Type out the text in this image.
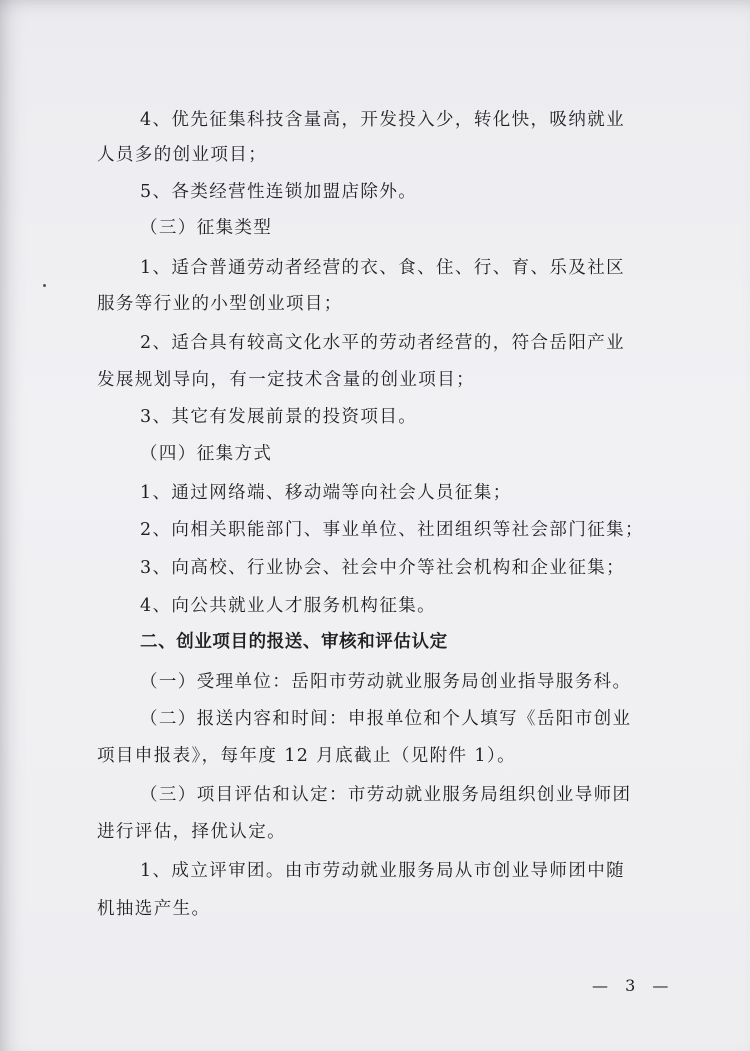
4、优先征集科技含量高，开发投入少，转化快，吸纳就业
人员多的创业项目；
5、各类经营性连锁加盟店除外。
（三）征集类型
1、适合普通劳动者经营的衣、食、住、行、育、乐及社区
服务等行业的小型创业项目；
2、适合具有较高文化水平的劳动者经营的，符合岳阳产业
发展规划导向，有一定技术含量的创业项目；
3、其它有发展前景的投资项目。
（四）征集方式
1、通过网络端、移动端等向社会人员征集；
2、向相关职能部门、事业单位、社团组织等社会部门征集；
3、向高校、行业协会、社会中介等社会机构和企业征集；
4、向公共就业人才服务机构征集。
二、创业项目的报送、审核和评估认定
（一）受理单位：岳阳市劳动就业服务局创业指导服务科。
（二）报送内容和时间：申报单位和个人填写《岳阳市创业
项目申报表》，每年度 12 月底截止（见附件 1）。
（三）项目评估和认定：市劳动就业服务局组织创业导师团
进行评估，择优认定。
1、成立评审团。由市劳动就业服务局从市创业导师团中随
机抽选产生。
— 3 —
